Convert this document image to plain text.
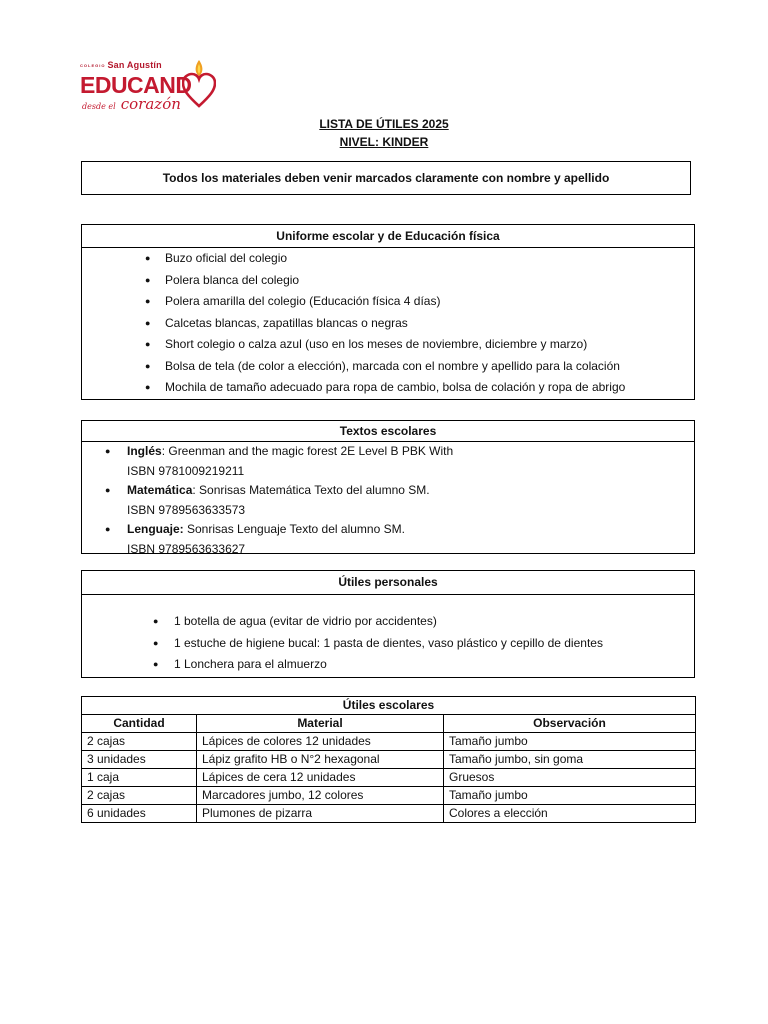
COLEGIO San Agustín
EDUCAND
desde el corazón
LISTA DE ÚTILES 2025
NIVEL: KINDER
Todos los materiales deben venir marcados claramente con nombre y apellido
Uniforme escolar y de Educación física
● Buzo oficial del colegio
● Polera blanca del colegio
● Polera amarilla del colegio (Educación física 4 días)
● Calcetas blancas, zapatillas blancas o negras
● Short colegio o calza azul (uso en los meses de noviembre, diciembre y marzo)
● Bolsa de tela (de color a elección), marcada con el nombre y apellido para la colación
● Mochila de tamaño adecuado para ropa de cambio, bolsa de colación y ropa de abrigo
Textos escolares
● Inglés: Greenman and the magic forest 2E Level B PBK With
ISBN 9781009219211
● Matemática: Sonrisas Matemática Texto del alumno SM.
ISBN 9789563633573
● Lenguaje: Sonrisas Lenguaje Texto del alumno SM.
ISBN 9789563633627
Útiles personales
● 1 botella de agua (evitar de vidrio por accidentes)
● 1 estuche de higiene bucal: 1 pasta de dientes, vaso plástico y cepillo de dientes
● 1 Lonchera para el almuerzo
Útiles escolares		
Cantidad	Material	Observación
2 cajas	Lápices de colores 12 unidades	Tamaño jumbo
3 unidades	Lápiz grafito HB o N°2 hexagonal	Tamaño jumbo, sin goma
1 caja	Lápices de cera 12 unidades	Gruesos
2 cajas	Marcadores jumbo, 12 colores	Tamaño jumbo
6 unidades	Plumones de pizarra	Colores a elección
